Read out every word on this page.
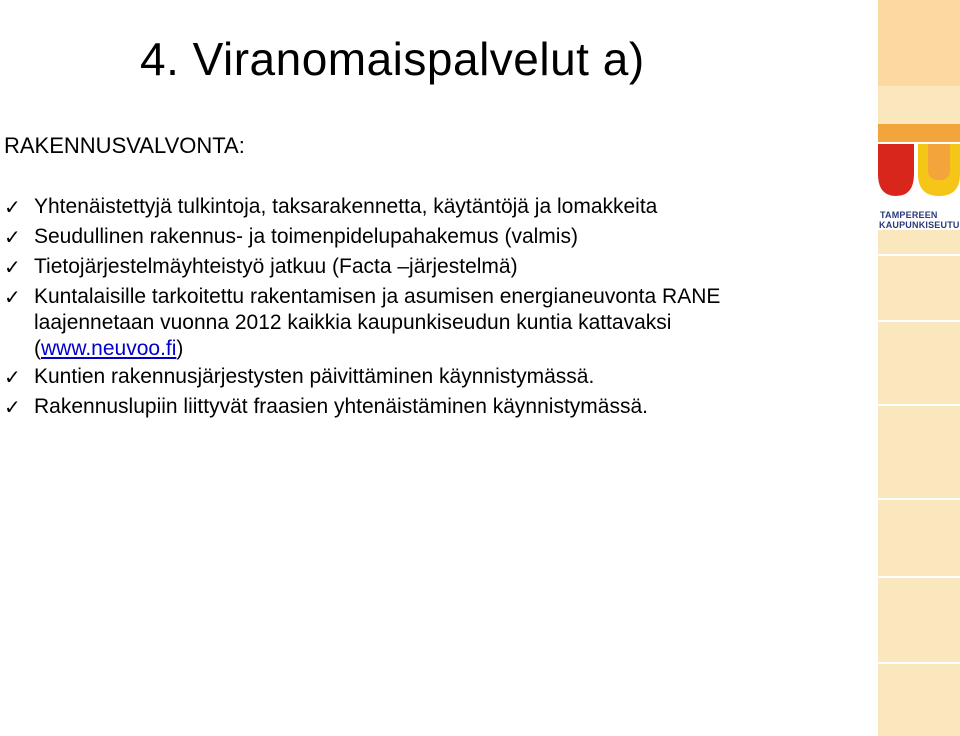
4. Viranomaispalvelut a)
RAKENNUSVALVONTA:
✓ Yhtenäistettyjä tulkintoja, taksarakennetta, käytäntöjä ja lomakkeita
✓ Seudullinen rakennus- ja toimenpidelupahakemus (valmis)
✓ Tietojärjestelmäyhteistyö jatkuu (Facta –järjestelmä)
✓ Kuntalaisille tarkoitettu rakentamisen ja asumisen energianeuvonta RANE
laajennetaan vuonna 2012 kaikkia kaupunkiseudun kuntia kattavaksi
(www.neuvoo.fi)
✓ Kuntien rakennusjärjestysten päivittäminen käynnistymässä.
✓ Rakennuslupiin liittyvät fraasien yhtenäistäminen käynnistymässä.
TAMPEREEN
KAUPUNKISEUTU
